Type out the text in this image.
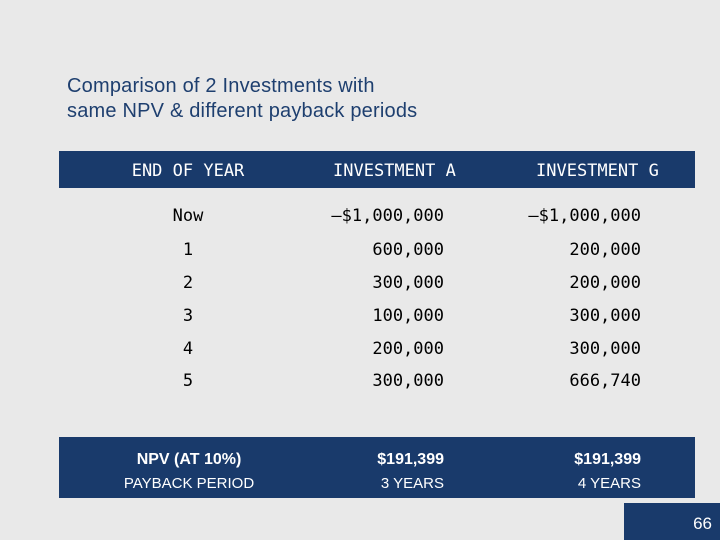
Comparison of 2 Investments with
same NPV & different payback periods
END OF YEAR	INVESTMENT A	INVESTMENT G
Now	–$1,000,000	–$1,000,000
1	600,000	200,000
2	300,000	200,000
3	100,000	300,000
4	200,000	300,000
5	300,000	666,740
NPV (AT 10%)	$191,399	$191,399
PAYBACK PERIOD	3 YEARS	4 YEARS
66
